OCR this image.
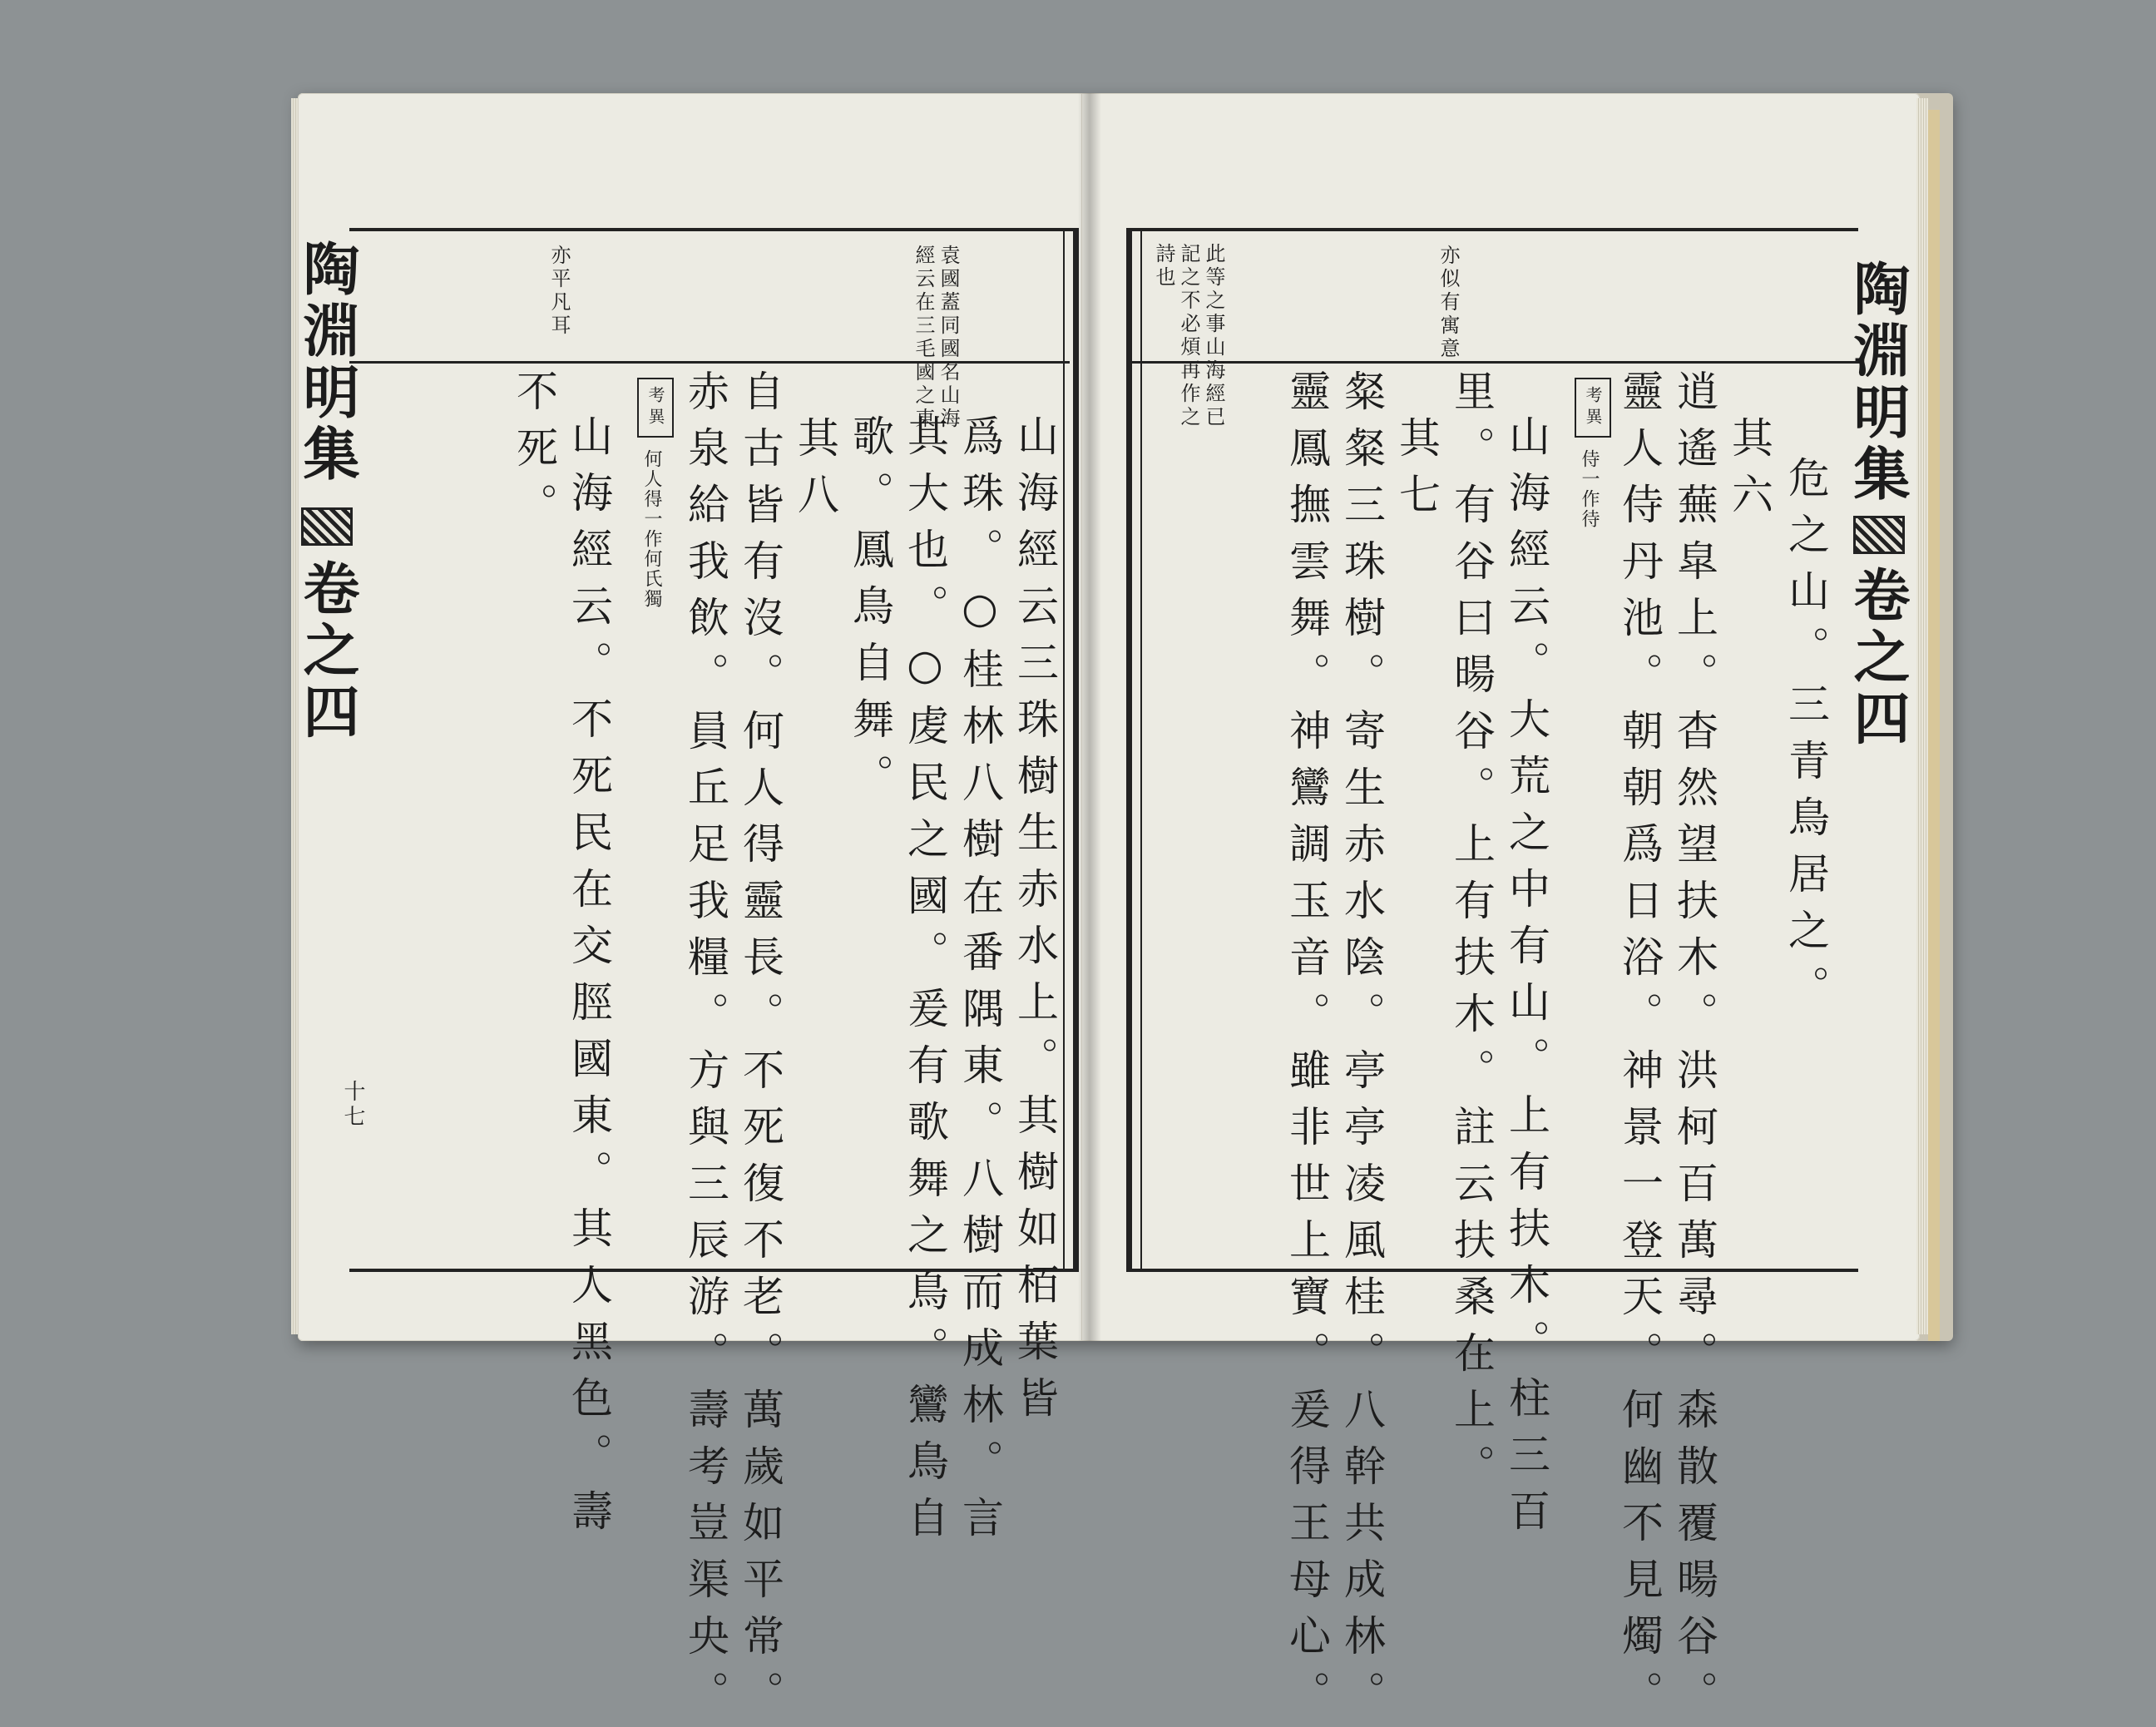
亦平凡耳	經云在三毛國之東 袁國蓋同國名山海
山海經云三珠樹生赤水上。其樹如栢葉皆
爲珠。○桂林八樹在番隅東。八樹而成林。言
其大也。○䖍民之國。爰有歌舞之鳥。鸞鳥自
歌。鳳鳥自舞。
其八
自古皆有沒。何人得靈長。不死復不老。萬歲如平常。
赤泉給我飲。員丘足我糧。方與三辰游。壽考豈渠央。
考異
何人得一作何氏獨
山海經云。不死民在交脛國東。其人黑色。壽
不死。
陶淵明集
卷之四
十七
詩也 記之不必煩再作之 此等之事山海經已	亦似有寓意
危之山。三青鳥居之。
其六
逍遙蕪皐上。杳然望扶木。洪柯百萬尋。森散覆暘谷。
靈人侍丹池。朝朝爲日浴。神景一登天。何幽不見燭。
考異
侍一作待
山海經云。大荒之中有山。上有扶木。柱三百
里。有谷曰暘谷。上有扶木。註云扶桑在上。
其七
粲粲三珠樹。寄生赤水陰。亭亭凌風桂。八幹共成林。
靈鳳撫雲舞。神鸞調玉音。雖非世上寶。爰得王母心。	陶淵明集
卷之四
